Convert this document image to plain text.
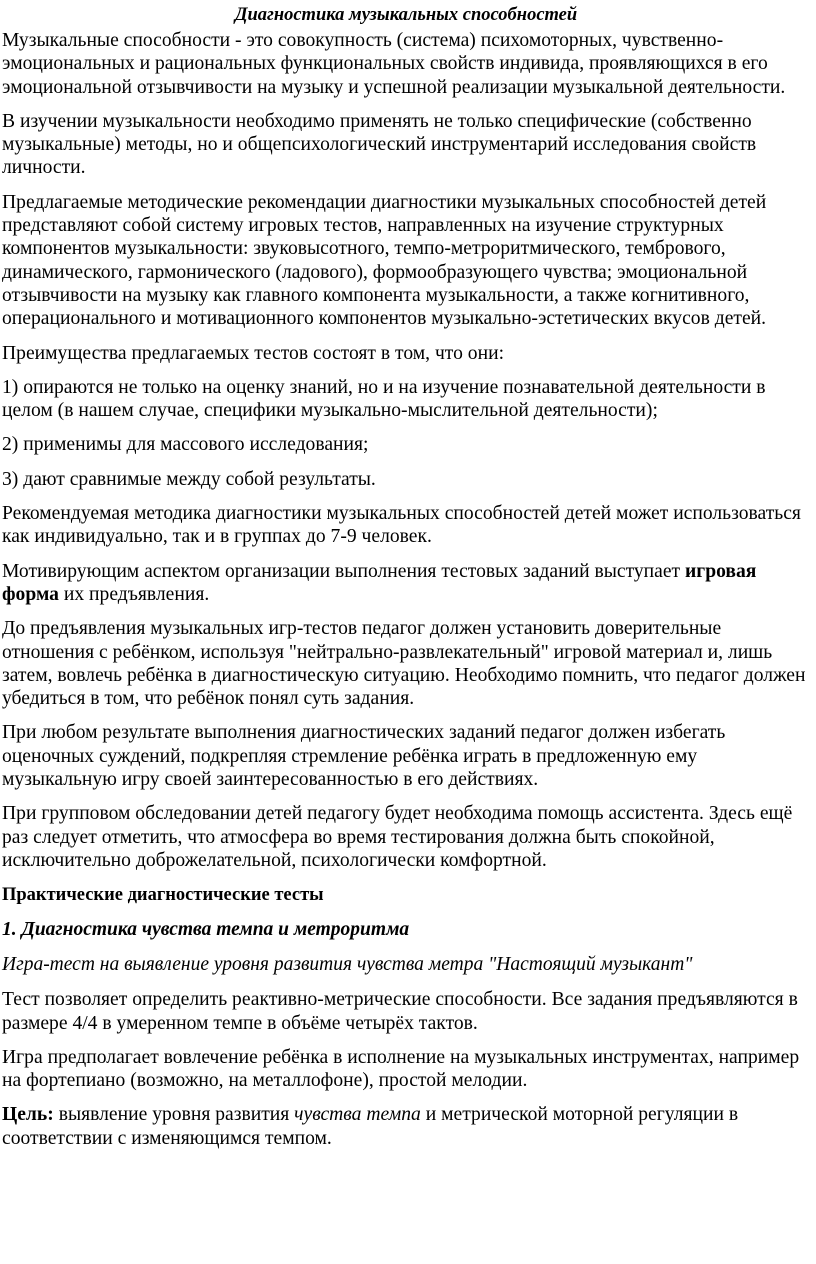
Диагностика музыкальных способностей

Музыкальные способности - это совокупность (система) психомоторных, чувственно-эмоциональных и рациональных функциональных свойств индивида, проявляющихся в его эмоциональной отзывчивости на музыку и успешной реализации музыкальной деятельности.

В изучении музыкальности необходимо применять не только специфические (собственно музыкальные) методы, но и общепсихологический инструментарий исследования свойств личности.

Предлагаемые методические рекомендации диагностики музыкальных способностей детей представляют собой систему игровых тестов, направленных на изучение структурных компонентов музыкальности: звуковысотного, темпо-метроритмического, тембрового, динамического, гармонического (ладового), формообразующего чувства; эмоциональной отзывчивости на музыку как главного компонента музыкальности, а также когнитивного, операционального и мотивационного компонентов музыкально-эстетических вкусов детей.

Преимущества предлагаемых тестов состоят в том, что они:

1) опираются не только на оценку знаний, но и на изучение познавательной деятельности в целом (в нашем случае, специфики музыкально-мыслительной деятельности);

2) применимы для массового исследования;

3) дают сравнимые между собой результаты.

Рекомендуемая методика диагностики музыкальных способностей детей может использоваться как индивидуально, так и в группах до 7-9 человек.

Мотивирующим аспектом организации выполнения тестовых заданий выступает игровая форма их предъявления.

До предъявления музыкальных игр-тестов педагог должен установить доверительные отношения с ребёнком, используя "нейтрально-развлекательный" игровой материал и, лишь затем, вовлечь ребёнка в диагностическую ситуацию. Необходимо помнить, что педагог должен убедиться в том, что ребёнок понял суть задания.

При любом результате выполнения диагностических заданий педагог должен избегать оценочных суждений, подкрепляя стремление ребёнка играть в предложенную ему музыкальную игру своей заинтересованностью в его действиях.

При групповом обследовании детей педагогу будет необходима помощь ассистента. Здесь ещё раз следует отметить, что атмосфера во время тестирования должна быть спокойной, исключительно доброжелательной, психологически комфортной.

Практические диагностические тесты
1. Диагностика чувства темпа и метроритма
Игра-тест на выявление уровня развития чувства метра "Настоящий музыкант"

Тест позволяет определить реактивно-метрические способности. Все задания предъявляются в размере 4/4 в умеренном темпе в объёме четырёх тактов.

Игра предполагает вовлечение ребёнка в исполнение на музыкальных инструментах, например на фортепиано (возможно, на металлофоне), простой мелодии.

Цель: выявление уровня развития чувства темпа и метрической моторной регуляции в соответствии с изменяющимся темпом.
